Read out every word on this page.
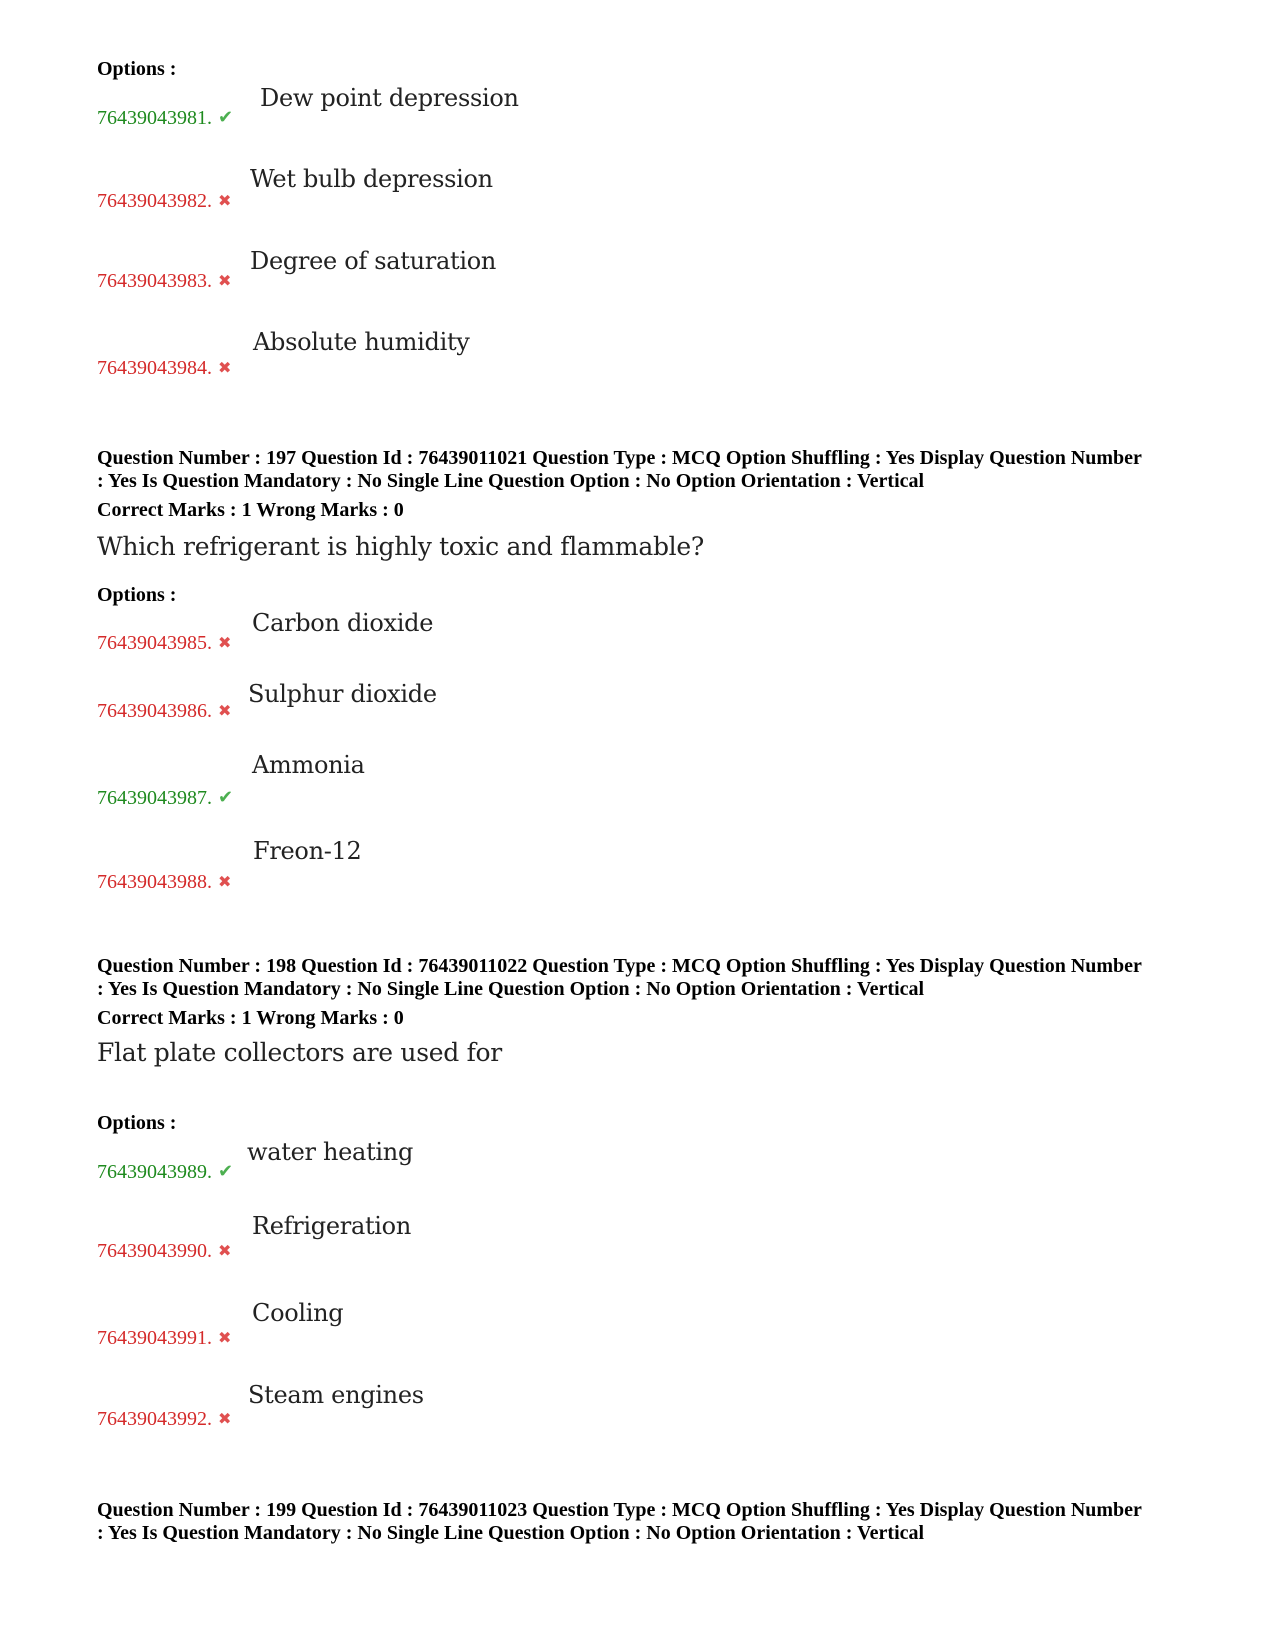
Options :
76439043981. ✔
Dew point depression
76439043982. ✖
Wet bulb depression
76439043983. ✖
Degree of saturation
76439043984. ✖
Absolute humidity
Question Number : 197 Question Id : 76439011021 Question Type : MCQ Option Shuffling : Yes Display Question Number
: Yes Is Question Mandatory : No Single Line Question Option : No Option Orientation : Vertical
Correct Marks : 1 Wrong Marks : 0
Which refrigerant is highly toxic and flammable?
Options :
76439043985. ✖
Carbon dioxide
76439043986. ✖
Sulphur dioxide
76439043987. ✔
Ammonia
76439043988. ✖
Freon-12
Question Number : 198 Question Id : 76439011022 Question Type : MCQ Option Shuffling : Yes Display Question Number
: Yes Is Question Mandatory : No Single Line Question Option : No Option Orientation : Vertical
Correct Marks : 1 Wrong Marks : 0
Flat plate collectors are used for
Options :
76439043989. ✔
water heating
76439043990. ✖
Refrigeration
76439043991. ✖
Cooling
76439043992. ✖
Steam engines
Question Number : 199 Question Id : 76439011023 Question Type : MCQ Option Shuffling : Yes Display Question Number
: Yes Is Question Mandatory : No Single Line Question Option : No Option Orientation : Vertical
